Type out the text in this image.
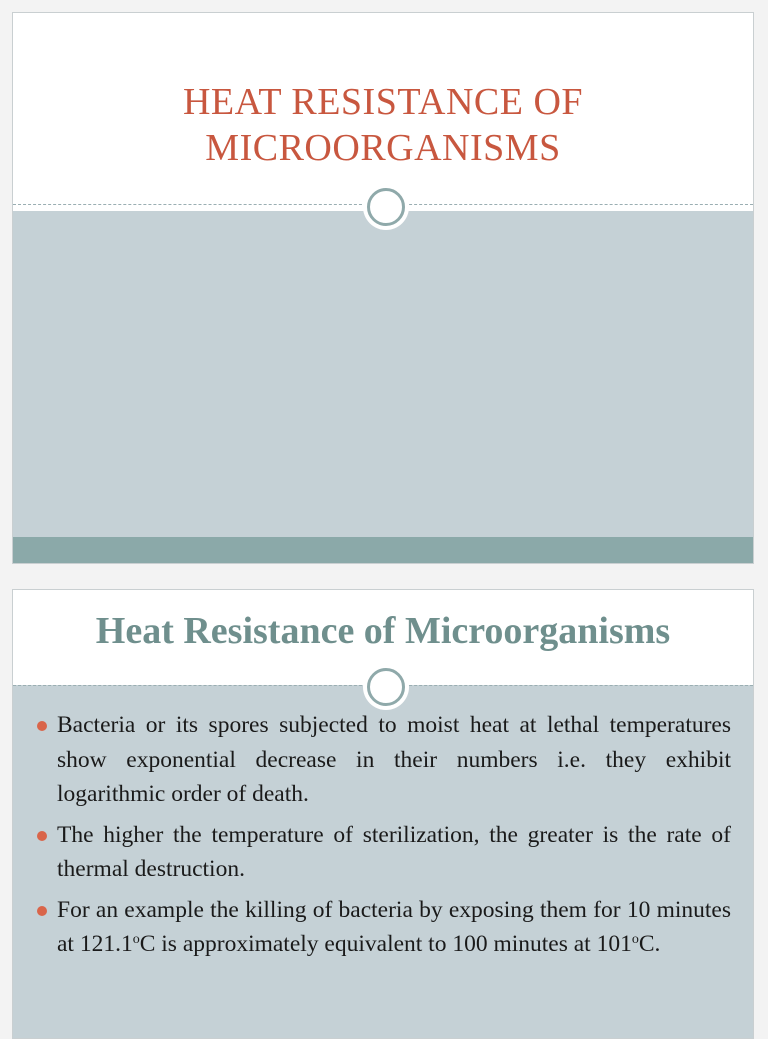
HEAT RESISTANCE OF
MICROORGANISMS
Heat Resistance of Microorganisms
Bacteria or its spores subjected to moist heat at lethal temperatures show exponential decrease in their numbers i.e. they exhibit logarithmic order of death.
The higher the temperature of sterilization, the greater is the rate of thermal destruction.
For an example the killing of bacteria by exposing them for 10 minutes at 121.1$^o$C is approximately equivalent to 100 minutes at 101$^o$C.
